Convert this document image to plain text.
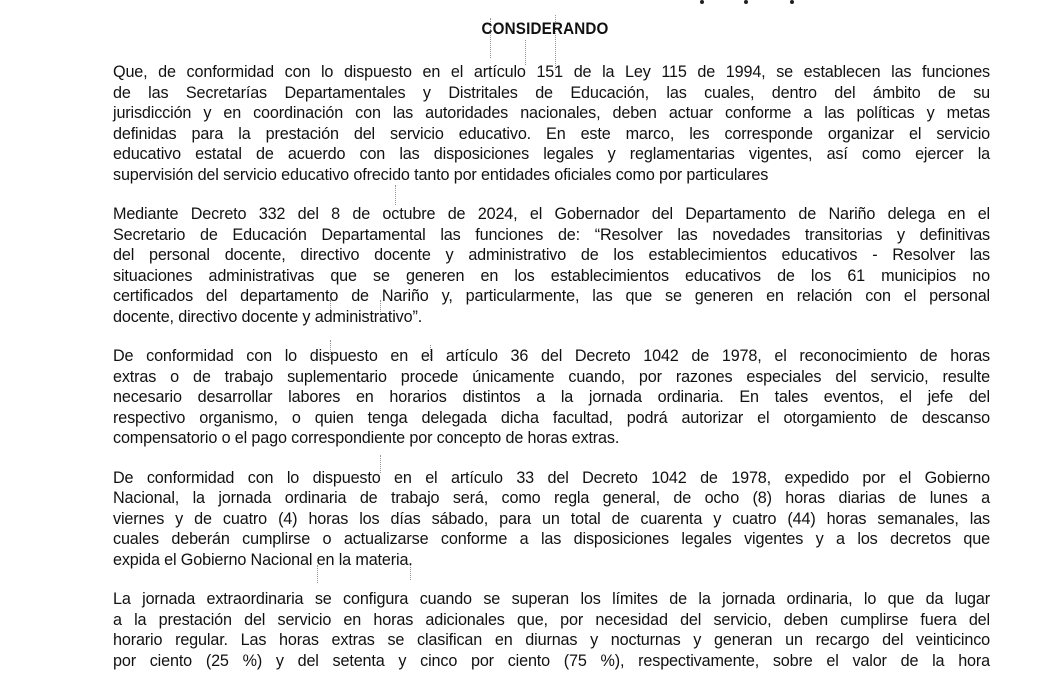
CONSIDERANDO

Que, de conformidad con lo dispuesto en el artículo 151 de la Ley 115 de 1994, se establecen las funciones
de las Secretarías Departamentales y Distritales de Educación, las cuales, dentro del ámbito de su
jurisdicción y en coordinación con las autoridades nacionales, deben actuar conforme a las políticas y metas
definidas para la prestación del servicio educativo. En este marco, les corresponde organizar el servicio
educativo estatal de acuerdo con las disposiciones legales y reglamentarias vigentes, así como ejercer la
supervisión del servicio educativo ofrecido tanto por entidades oficiales como por particulares

Mediante Decreto 332 del 8 de octubre de 2024, el Gobernador del Departamento de Nariño delega en el
Secretario de Educación Departamental las funciones de: “Resolver las novedades transitorias y definitivas
del personal docente, directivo docente y administrativo de los establecimientos educativos - Resolver las
situaciones administrativas que se generen en los establecimientos educativos de los 61 municipios no
certificados del departamento de Nariño y, particularmente, las que se generen en relación con el personal
docente, directivo docente y administrativo”.

De conformidad con lo dispuesto en el artículo 36 del Decreto 1042 de 1978, el reconocimiento de horas
extras o de trabajo suplementario procede únicamente cuando, por razones especiales del servicio, resulte
necesario desarrollar labores en horarios distintos a la jornada ordinaria. En tales eventos, el jefe del
respectivo organismo, o quien tenga delegada dicha facultad, podrá autorizar el otorgamiento de descanso
compensatorio o el pago correspondiente por concepto de horas extras.

De conformidad con lo dispuesto en el artículo 33 del Decreto 1042 de 1978, expedido por el Gobierno
Nacional, la jornada ordinaria de trabajo será, como regla general, de ocho (8) horas diarias de lunes a
viernes y de cuatro (4) horas los días sábado, para un total de cuarenta y cuatro (44) horas semanales, las
cuales deberán cumplirse o actualizarse conforme a las disposiciones legales vigentes y a los decretos que
expida el Gobierno Nacional en la materia.

La jornada extraordinaria se configura cuando se superan los límites de la jornada ordinaria, lo que da lugar
a la prestación del servicio en horas adicionales que, por necesidad del servicio, deben cumplirse fuera del
horario regular. Las horas extras se clasifican en diurnas y nocturnas y generan un recargo del veinticinco
por ciento (25 %) y del setenta y cinco por ciento (75 %), respectivamente, sobre el valor de la hora
